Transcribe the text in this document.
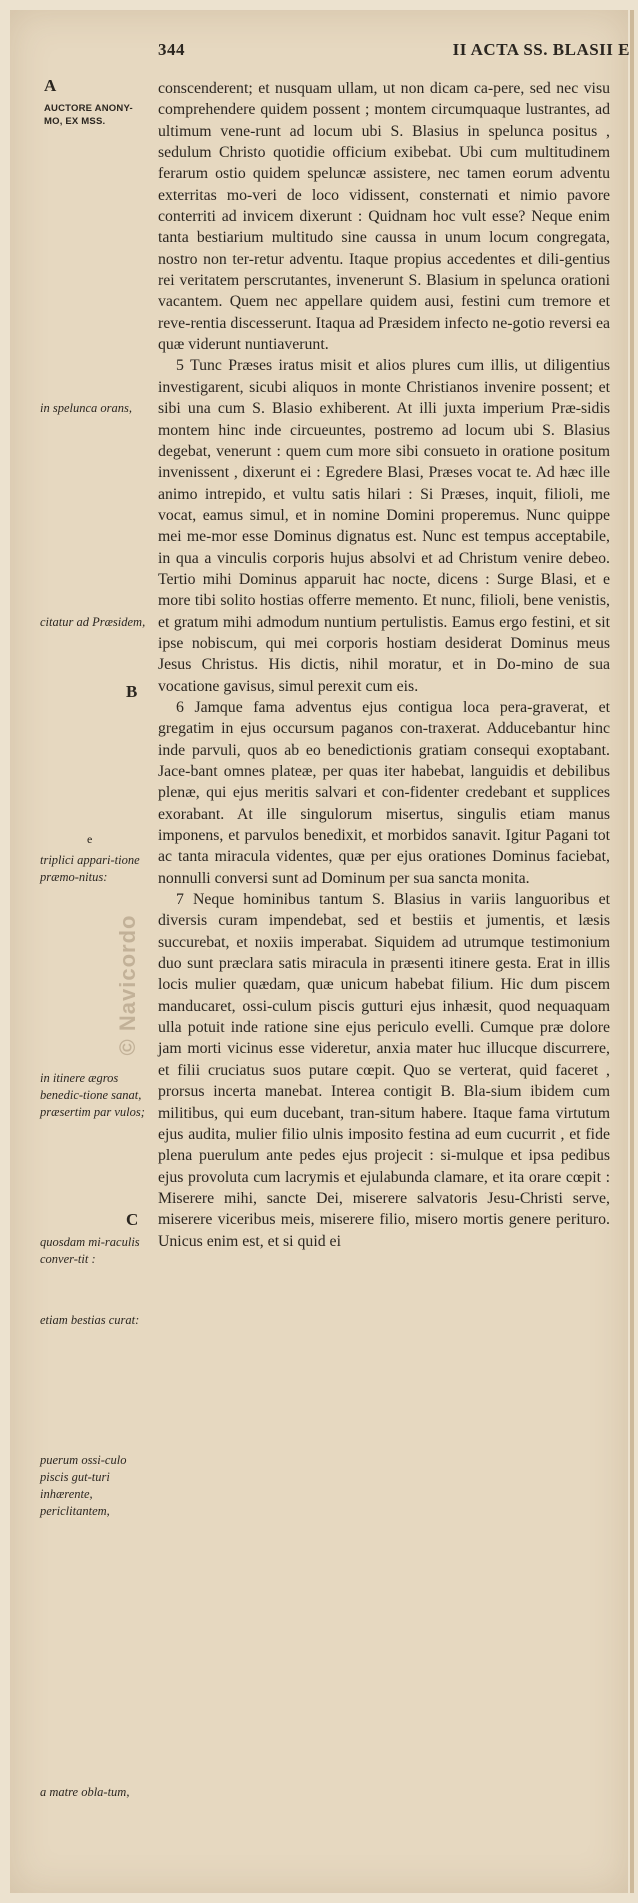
344	II ACTA SS. BLASII E
A
AUCTORE ANONY-MO, EX MSS.
in spelunca orans,
citatur ad Præsidem,
B
e
triplici appari-tione præmo-nitus:
in itinere ægros benedic-tione sanat, præsertim par vulos;
C
quosdam mi-raculis conver-tit :
etiam bestias curat:
puerum ossi-culo piscis gut-turi inhærente, periclitantem,
a matre obla-tum,
© Navicordo

conscenderent; et nusquam ullam, ut non dicam ca-pere, sed nec visu comprehendere quidem possent ; montem circumquaque lustrantes, ad ultimum vene-runt ad locum ubi S. Blasius in spelunca positus , sedulum Christo quotidie officium exibebat. Ubi cum multitudinem ferarum ostio quidem speluncæ assistere, nec tamen eorum adventu exterritas mo-veri de loco vidissent, consternati et nimio pavore conterriti ad invicem dixerunt : Quidnam hoc vult esse? Neque enim tanta bestiarium multitudo sine caussa in unum locum congregata, nostro non ter-retur adventu. Itaque propius accedentes et dili-gentius rei veritatem perscrutantes, invenerunt S. Blasium in spelunca orationi vacantem. Quem nec appellare quidem ausi, festini cum tremore et reve-rentia discesserunt. Itaqua ad Præsidem infecto ne-gotio reversi ea quæ viderunt nuntiaverunt.

5 Tunc Præses iratus misit et alios plures cum illis, ut diligentius investigarent, sicubi aliquos in monte Christianos invenire possent; et sibi una cum S. Blasio exhiberent. At illi juxta imperium Præ-sidis montem hinc inde circueuntes, postremo ad locum ubi S. Blasius degebat, venerunt : quem cum more sibi consueto in oratione positum invenissent , dixerunt ei : Egredere Blasi, Præses vocat te. Ad hæc ille animo intrepido, et vultu satis hilari : Si Præses, inquit, filioli, me vocat, eamus simul, et in nomine Domini properemus. Nunc quippe mei me-mor esse Dominus dignatus est. Nunc est tempus acceptabile, in qua a vinculis corporis hujus absolvi et ad Christum venire debeo. Tertio mihi Dominus apparuit hac nocte, dicens : Surge Blasi, et e more tibi solito hostias offerre memento. Et nunc, filioli, bene venistis, et gratum mihi admodum nuntium pertulistis. Eamus ergo festini, et sit ipse nobiscum, qui mei corporis hostiam desiderat Dominus meus Jesus Christus. His dictis, nihil moratur, et in Do-mino de sua vocatione gavisus, simul perexit cum eis.

6 Jamque fama adventus ejus contigua loca pera-graverat, et gregatim in ejus occursum paganos con-traxerat. Adducebantur hinc inde parvuli, quos ab eo benedictionis gratiam consequi exoptabant. Jace-bant omnes plateæ, per quas iter habebat, languidis et debilibus plenæ, qui ejus meritis salvari et con-fidenter credebant et supplices exorabant. At ille singulorum misertus, singulis etiam manus imponens, et parvulos benedixit, et morbidos sanavit. Igitur Pagani tot ac tanta miracula videntes, quæ per ejus orationes Dominus faciebat, nonnulli conversi sunt ad Dominum per sua sancta monita.

7 Neque hominibus tantum S. Blasius in variis languoribus et diversis curam impendebat, sed et bestiis et jumentis, et læsis succurebat, et noxiis imperabat. Siquidem ad utrumque testimonium duo sunt præclara satis miracula in præsenti itinere gesta. Erat in illis locis mulier quædam, quæ unicum habebat filium. Hic dum piscem manducaret, ossi-culum piscis gutturi ejus inhæsit, quod nequaquam ulla potuit inde ratione sine ejus periculo evelli. Cumque præ dolore jam morti vicinus esse videretur, anxia mater huc illucque discurrere, et filii cruciatus suos putare cœpit. Quo se verterat, quid faceret , prorsus incerta manebat. Interea contigit B. Bla-sium ibidem cum militibus, qui eum ducebant, tran-situm habere. Itaque fama virtutum ejus audita, mulier filio ulnis imposito festina ad eum cucurrit , et fide plena puerulum ante pedes ejus projecit : si-mulque et ipsa pedibus ejus provoluta cum lacrymis et ejulabunda clamare, et ita orare cœpit : Miserere mihi, sancte Dei, miserere salvatoris Jesu-Christi serve, miserere viceribus meis, miserere filio, misero mortis genere perituro. Unicus enim est, et si quid ei
